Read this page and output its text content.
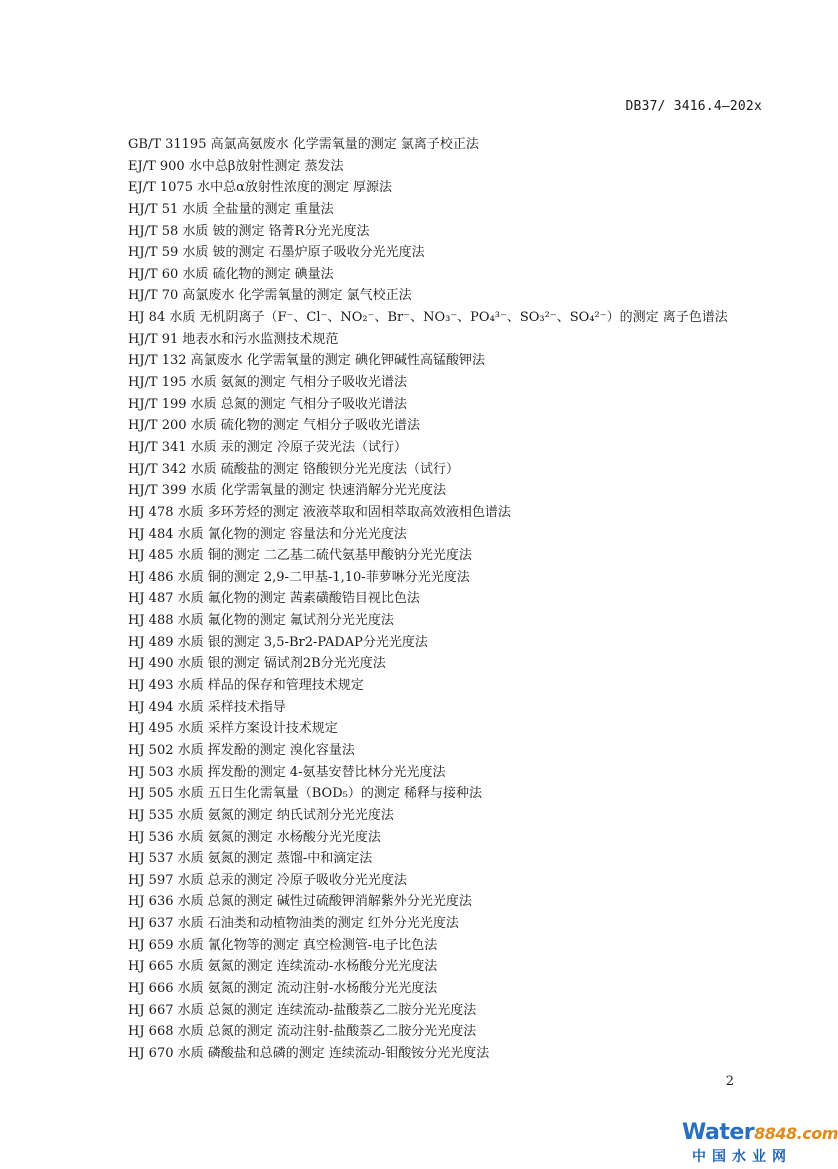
DB37/ 3416.4—202x
GB/T 31195 高氯高氨废水 化学需氧量的测定 氯离子校正法
EJ/T 900 水中总β放射性测定 蒸发法
EJ/T 1075 水中总α放射性浓度的测定 厚源法
HJ/T 51 水质 全盐量的测定 重量法
HJ/T 58 水质 铍的测定 铬菁R分光光度法
HJ/T 59 水质 铍的测定 石墨炉原子吸收分光光度法
HJ/T 60 水质 硫化物的测定 碘量法
HJ/T 70 高氯废水 化学需氧量的测定 氯气校正法
HJ 84 水质 无机阴离子（F⁻、Cl⁻、NO₂⁻、Br⁻、NO₃⁻、PO₄³⁻、SO₃²⁻、SO₄²⁻）的测定 离子色谱法
HJ/T 91 地表水和污水监测技术规范
HJ/T 132 高氯废水 化学需氧量的测定 碘化钾碱性高锰酸钾法
HJ/T 195 水质 氨氮的测定 气相分子吸收光谱法
HJ/T 199 水质 总氮的测定 气相分子吸收光谱法
HJ/T 200 水质 硫化物的测定 气相分子吸收光谱法
HJ/T 341 水质 汞的测定 冷原子荧光法（试行）
HJ/T 342 水质 硫酸盐的测定 铬酸钡分光光度法（试行）
HJ/T 399 水质 化学需氧量的测定 快速消解分光光度法
HJ 478 水质 多环芳烃的测定 液液萃取和固相萃取高效液相色谱法
HJ 484 水质 氰化物的测定 容量法和分光光度法
HJ 485 水质 铜的测定 二乙基二硫代氨基甲酸钠分光光度法
HJ 486 水质 铜的测定 2,9-二甲基-1,10-菲萝啉分光光度法
HJ 487 水质 氟化物的测定 茜素磺酸锆目视比色法
HJ 488 水质 氟化物的测定 氟试剂分光光度法
HJ 489 水质 银的测定 3,5-Br2-PADAP分光光度法
HJ 490 水质 银的测定 镉试剂2B分光光度法
HJ 493 水质 样品的保存和管理技术规定
HJ 494 水质 采样技术指导
HJ 495 水质 采样方案设计技术规定
HJ 502 水质 挥发酚的测定 溴化容量法
HJ 503 水质 挥发酚的测定 4-氨基安替比林分光光度法
HJ 505 水质 五日生化需氧量（BOD₅）的测定 稀释与接种法
HJ 535 水质 氨氮的测定 纳氏试剂分光光度法
HJ 536 水质 氨氮的测定 水杨酸分光光度法
HJ 537 水质 氨氮的测定 蒸馏-中和滴定法
HJ 597 水质 总汞的测定 冷原子吸收分光光度法
HJ 636 水质 总氮的测定 碱性过硫酸钾消解紫外分光光度法
HJ 637 水质 石油类和动植物油类的测定 红外分光光度法
HJ 659 水质 氰化物等的测定 真空检测管-电子比色法
HJ 665 水质 氨氮的测定 连续流动-水杨酸分光光度法
HJ 666 水质 氨氮的测定 流动注射-水杨酸分光光度法
HJ 667 水质 总氮的测定 连续流动-盐酸萘乙二胺分光光度法
HJ 668 水质 总氮的测定 流动注射-盐酸萘乙二胺分光光度法
HJ 670 水质 磷酸盐和总磷的测定 连续流动-钼酸铵分光光度法
2
Water8848.com
中国水业网
